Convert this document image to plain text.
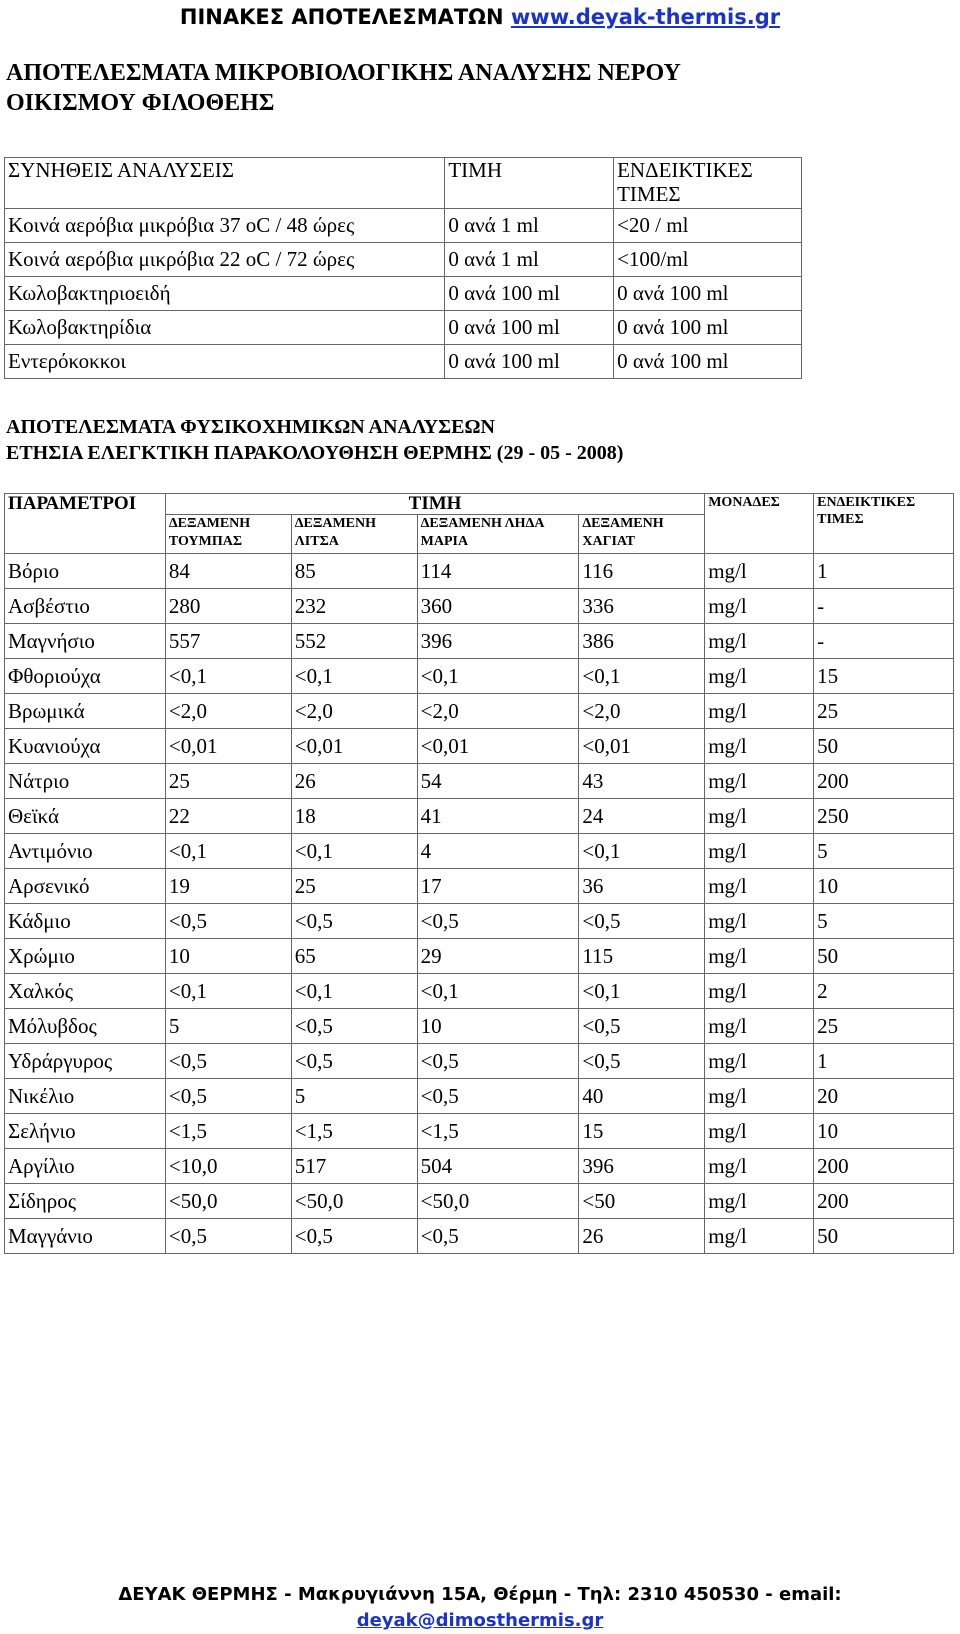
ΠΙΝΑΚΕΣ ΑΠΟΤΕΛΕΣΜΑΤΩΝ www.deyak-thermis.gr
ΑΠΟΤΕΛΕΣΜΑΤΑ ΜΙΚΡΟΒΙΟΛΟΓΙΚΗΣ ΑΝΑΛΥΣΗΣ ΝΕΡΟΥ
ΟΙΚΙΣΜΟΥ ΦΙΛΟΘΕΗΣ
ΣΥΝΗΘΕΙΣ ΑΝΑΛΥΣΕΙΣ	ΤΙΜΗ	ΕΝΔΕΙΚΤΙΚΕΣ ΤΙΜΕΣ
Κοινά αερόβια μικρόβια 37 oC / 48 ώρες	0 ανά 1 ml	<20 / ml
Κοινά αερόβια μικρόβια 22 oC / 72 ώρες	0 ανά 1 ml	<100/ml
Κωλοβακτηριοειδή	0 ανά 100 ml	0 ανά 100 ml
Κωλοβακτηρίδια	0 ανά 100 ml	0 ανά 100 ml
Εντερόκοκκοι	0 ανά 100 ml	0 ανά 100 ml
ΑΠΟΤΕΛΕΣΜΑΤΑ ΦΥΣΙΚΟΧΗΜΙΚΩΝ ΑΝΑΛΥΣΕΩΝ
ΕΤΗΣΙΑ ΕΛΕΓΚΤΙΚΗ ΠΑΡΑΚΟΛΟΥΘΗΣΗ ΘΕΡΜΗΣ (29 - 05 - 2008)
ΠΑΡΑΜΕΤΡΟΙ	ΤΙΜΗ				ΜΟΝΑΔΕΣ	ΕΝΔΕΙΚΤΙΚΕΣ ΤΙΜΕΣ
	ΔΕΞΑΜΕΝΗ ΤΟΥΜΠΑΣ	ΔΕΞΑΜΕΝΗ ΛΙΤΣΑ	ΔΕΞΑΜΕΝΗ ΛΗΔΑ ΜΑΡΙΑ	ΔΕΞΑΜΕΝΗ ΧΑΓΙΑΤ		
Βόριο	84	85	114	116	mg/l	1
Ασβέστιο	280	232	360	336	mg/l	-
Μαγνήσιο	557	552	396	386	mg/l	-
Φθοριούχα	<0,1	<0,1	<0,1	<0,1	mg/l	15
Βρωμικά	<2,0	<2,0	<2,0	<2,0	mg/l	25
Κυανιούχα	<0,01	<0,01	<0,01	<0,01	mg/l	50
Νάτριο	25	26	54	43	mg/l	200
Θεϊκά	22	18	41	24	mg/l	250
Αντιμόνιο	<0,1	<0,1	4	<0,1	mg/l	5
Αρσενικό	19	25	17	36	mg/l	10
Κάδμιο	<0,5	<0,5	<0,5	<0,5	mg/l	5
Χρώμιο	10	65	29	115	mg/l	50
Χαλκός	<0,1	<0,1	<0,1	<0,1	mg/l	2
Μόλυβδος	5	<0,5	10	<0,5	mg/l	25
Υδράργυρος	<0,5	<0,5	<0,5	<0,5	mg/l	1
Νικέλιο	<0,5	5	<0,5	40	mg/l	20
Σελήνιο	<1,5	<1,5	<1,5	15	mg/l	10
Αργίλιο	<10,0	517	504	396	mg/l	200
Σίδηρος	<50,0	<50,0	<50,0	<50	mg/l	200
Μαγγάνιο	<0,5	<0,5	<0,5	26	mg/l	50
ΔΕΥΑΚ ΘΕΡΜΗΣ - Μακρυγιάννη 15Α, Θέρμη - Τηλ: 2310 450530 - email: deyak@dimosthermis.gr
